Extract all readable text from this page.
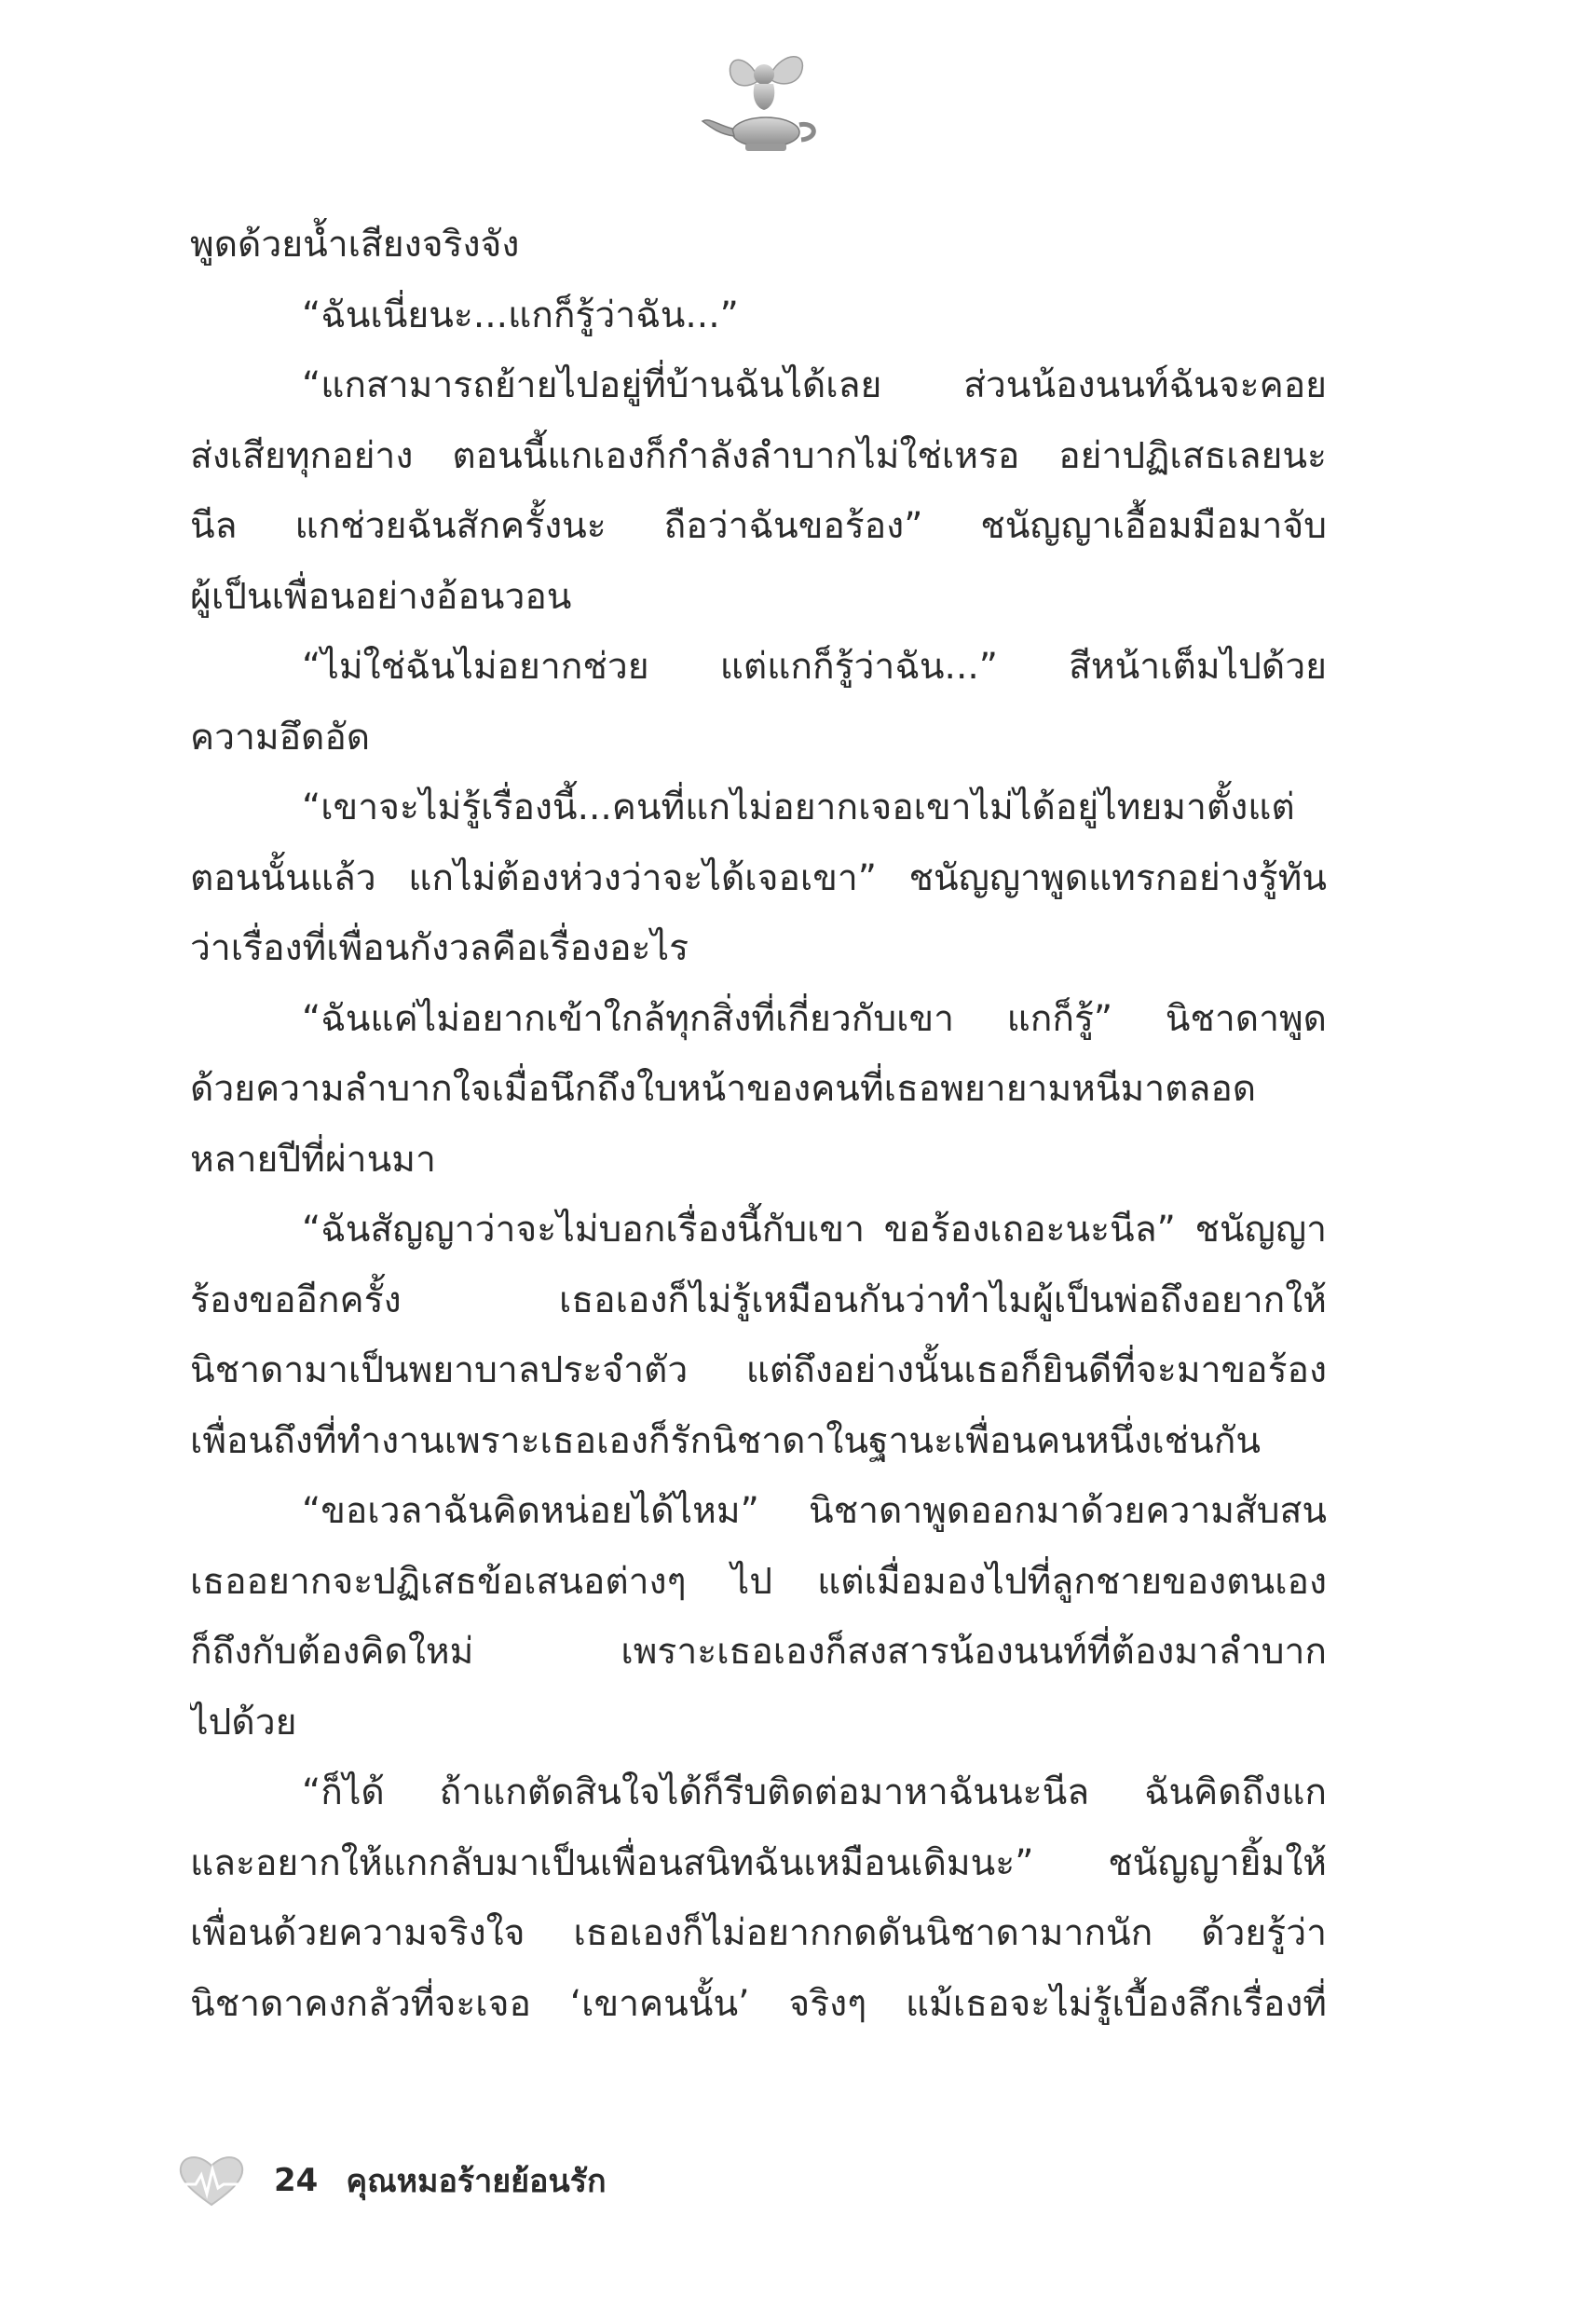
พูดด้วยน้ำเสียงจริงจัง
“ฉันเนี่ยนะ...แกก็รู้ว่าฉัน...”
“แกสามารถย้ายไปอยู่ที่บ้านฉันได้เลย ส่วนน้องนนท์ฉันจะคอย
ส่งเสียทุกอย่าง ตอนนี้แกเองก็กำลังลำบากไม่ใช่เหรอ อย่าปฏิเสธเลยนะ
นีล แกช่วยฉันสักครั้งนะ ถือว่าฉันขอร้อง” ชนัญญาเอื้อมมือมาจับ
ผู้เป็นเพื่อนอย่างอ้อนวอน
“ไม่ใช่ฉันไม่อยากช่วย แต่แกก็รู้ว่าฉัน...” สีหน้าเต็มไปด้วย
ความอึดอัด
“เขาจะไม่รู้เรื่องนี้...คนที่แกไม่อยากเจอเขาไม่ได้อยู่ไทยมาตั้งแต่
ตอนนั้นแล้ว แกไม่ต้องห่วงว่าจะได้เจอเขา” ชนัญญาพูดแทรกอย่างรู้ทัน
ว่าเรื่องที่เพื่อนกังวลคือเรื่องอะไร
“ฉันแค่ไม่อยากเข้าใกล้ทุกสิ่งที่เกี่ยวกับเขา แกก็รู้” นิชาดาพูด
ด้วยความลำบากใจเมื่อนึกถึงใบหน้าของคนที่เธอพยายามหนีมาตลอด
หลายปีที่ผ่านมา
“ฉันสัญญาว่าจะไม่บอกเรื่องนี้กับเขา ขอร้องเถอะนะนีล” ชนัญญา
ร้องขออีกครั้ง เธอเองก็ไม่รู้เหมือนกันว่าทำไมผู้เป็นพ่อถึงอยากให้
นิชาดามาเป็นพยาบาลประจำตัว แต่ถึงอย่างนั้นเธอก็ยินดีที่จะมาขอร้อง
เพื่อนถึงที่ทำงานเพราะเธอเองก็รักนิชาดาในฐานะเพื่อนคนหนึ่งเช่นกัน
“ขอเวลาฉันคิดหน่อยได้ไหม” นิชาดาพูดออกมาด้วยความสับสน
เธออยากจะปฏิเสธข้อเสนอต่างๆ ไป แต่เมื่อมองไปที่ลูกชายของตนเอง
ก็ถึงกับต้องคิดใหม่ เพราะเธอเองก็สงสารน้องนนท์ที่ต้องมาลำบาก
ไปด้วย
“ก็ได้ ถ้าแกตัดสินใจได้ก็รีบติดต่อมาหาฉันนะนีล ฉันคิดถึงแก
และอยากให้แกกลับมาเป็นเพื่อนสนิทฉันเหมือนเดิมนะ” ชนัญญายิ้มให้
เพื่อนด้วยความจริงใจ เธอเองก็ไม่อยากกดดันนิชาดามากนัก ด้วยรู้ว่า
นิชาดาคงกลัวที่จะเจอ ‘เขาคนนั้น’ จริงๆ แม้เธอจะไม่รู้เบื้องลึกเรื่องที่
24 คุณหมอร้ายย้อนรัก
